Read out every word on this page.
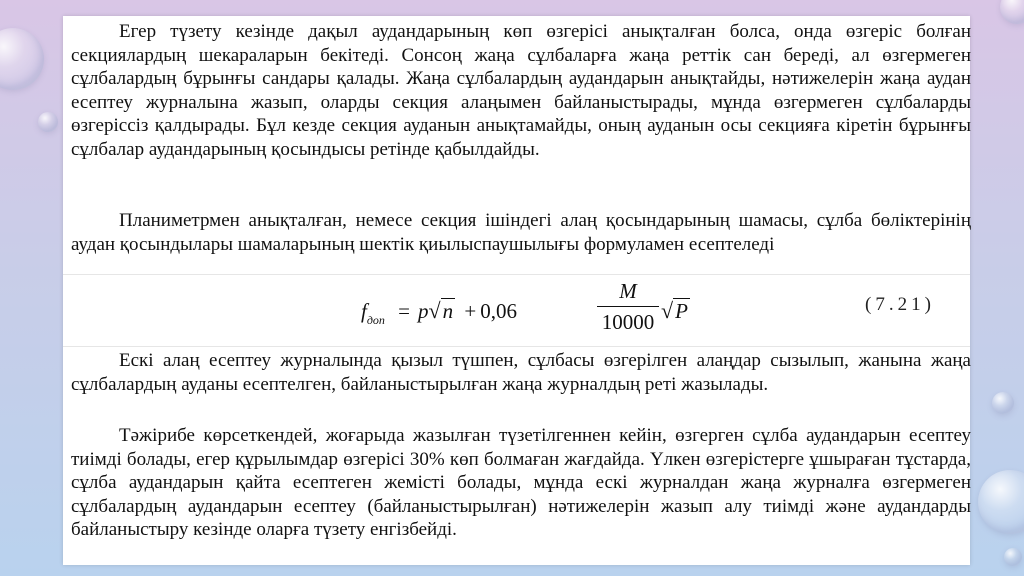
Егер түзету кезінде дақыл аудандарының көп өзгерісі анықталған болса, онда өзгеріс болған секциялардың шекараларын бекітеді. Сонсоң жаңа сұлбаларға жаңа реттік сан береді, ал өзгермеген сұлбалардың бұрынғы сандары қалады. Жаңа сұлбалардың аудандарын анықтайды, нәтижелерін жаңа аудан есептеу журналына жазып, оларды секция алаңымен байланыстырады, мұнда өзгермеген сұлбаларды өзгеріссіз қалдырады. Бұл кезде секция ауданын анықтамайды, оның ауданын осы секцияға кіретін бұрынғы сұлбалар аудандарының қосындысы ретінде қабылдайды.

Планиметрмен анықталған, немесе секция ішіндегі алаң қосындарының шамасы, сұлба бөліктерінің аудан қосындылары шамаларының шектік қиылыспаушылығы формуламен есептеледі

$f_{доп} = p√n + 0,06$
M
10000 √P	(7.21)

Ескі алаң есептеу журналында қызыл түшпен, сұлбасы өзгерілген алаңдар сызылып, жанына жаңа сұлбалардың ауданы есептелген, байланыстырылған жаңа журналдың реті жазылады.

Тәжірибе көрсеткендей, жоғарыда жазылған түзетілгеннен кейін, өзгерген сұлба аудандарын есептеу тиімді болады, егер құрылымдар өзгерісі 30% көп болмаған жағдайда. Үлкен өзгерістерге ұшыраған тұстарда, сұлба аудандарын қайта есептеген жемісті болады, мұнда ескі журналдан жаңа журналға өзгермеген сұлбалардың аудандарын есептеу (байланыстырылған) нәтижелерін жазып алу тиімді және аудандарды байланыстыру кезінде оларға түзету енгізбейді.
